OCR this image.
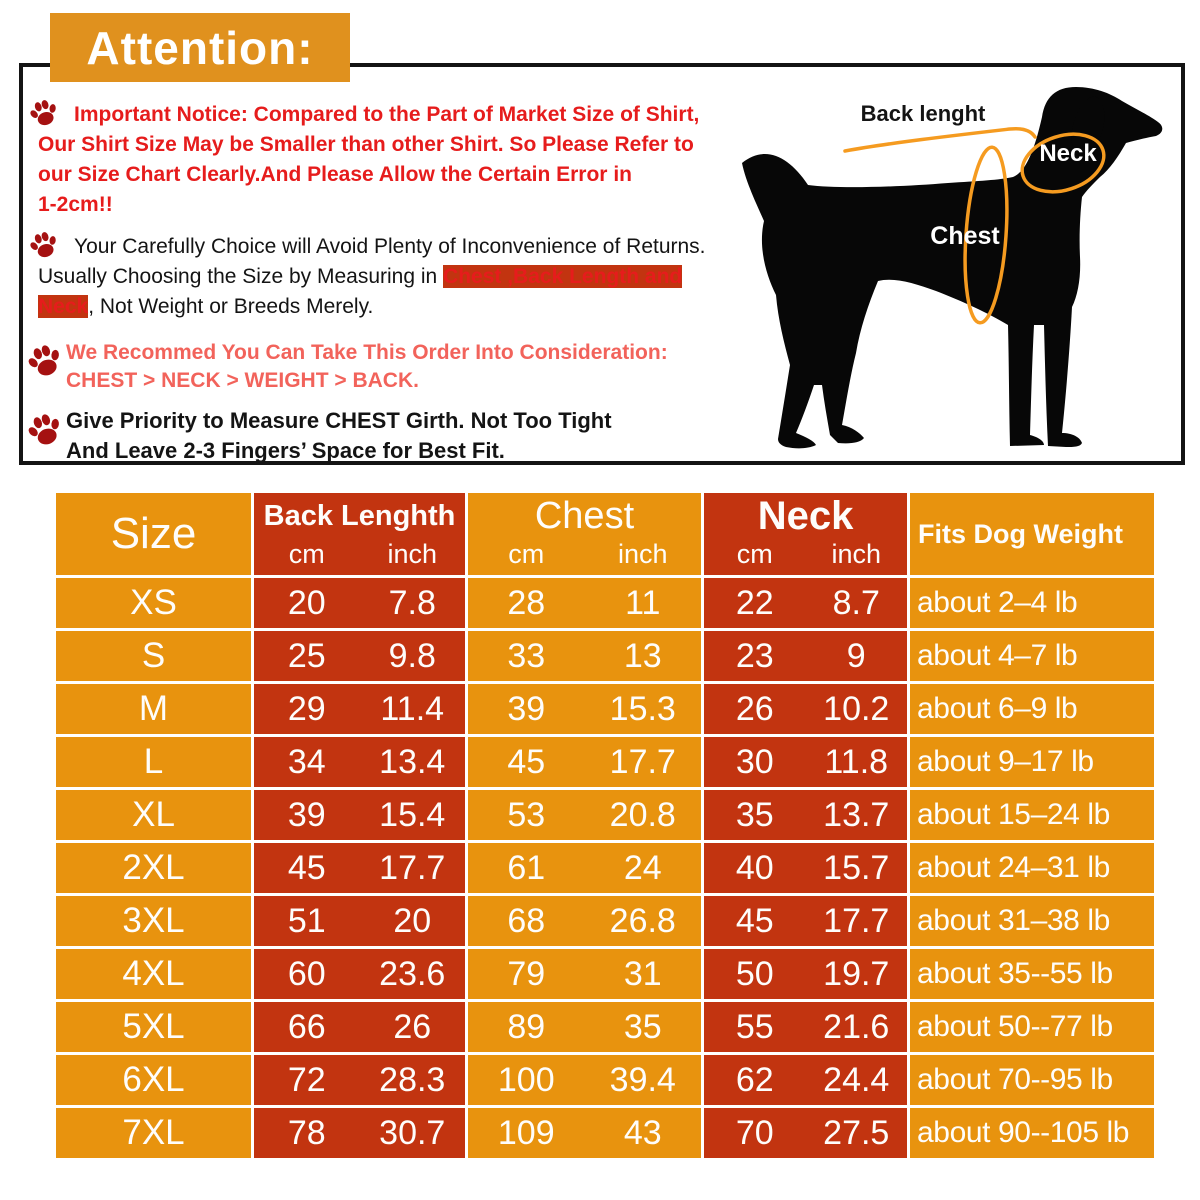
Attention:
Important Notice: Compared to the Part of Market Size of Shirt,
Our Shirt Size May be Smaller than other Shirt. So Please Refer to
our Size Chart Clearly.And Please Allow the Certain Error in
1-2cm!!
Your Carefully Choice will Avoid Plenty of Inconvenience of Returns.
Usually Choosing the Size by Measuring in Chest ,Back Length and
Neck, Not Weight or Breeds Merely.
We Recommed You Can Take This Order Into Consideration:
CHEST > NECK > WEIGHT > BACK.
Give Priority to Measure CHEST Girth. Not Too Tight
And Leave 2-3 Fingers’ Space for Best Fit.
Back lenght
Neck
Chest
Size	Back Lenghth
cm	inch
Chest
cm	inch
Neck
cm	inch
Fits Dog Weight
XS	20	7.8	28	11	22	8.7	about 2–4 lb
S	25	9.8	33	13	23	9	about 4–7 lb
M	29	11.4	39	15.3	26	10.2 about 6–9 lb
L	34	13.4	45	17.7	30	11.8 about 9–17 lb
XL	39	15.4	53	20.8	35	13.7 about 15–24 lb
2XL	45	17.7	61	24	40	15.7 about 24–31 lb
3XL	51	20	68	26.8	45	17.7 about 31–38 lb
4XL	60	23.6	79	31	50	19.7 about 35--55 lb
5XL	66	26	89	35	55	21.6 about 50--77 lb
6XL	72	28.3	100	39.4	62	24.4 about 70--95 lb
7XL	78	30.7	109	43	70	27.5 about 90--105 lb
